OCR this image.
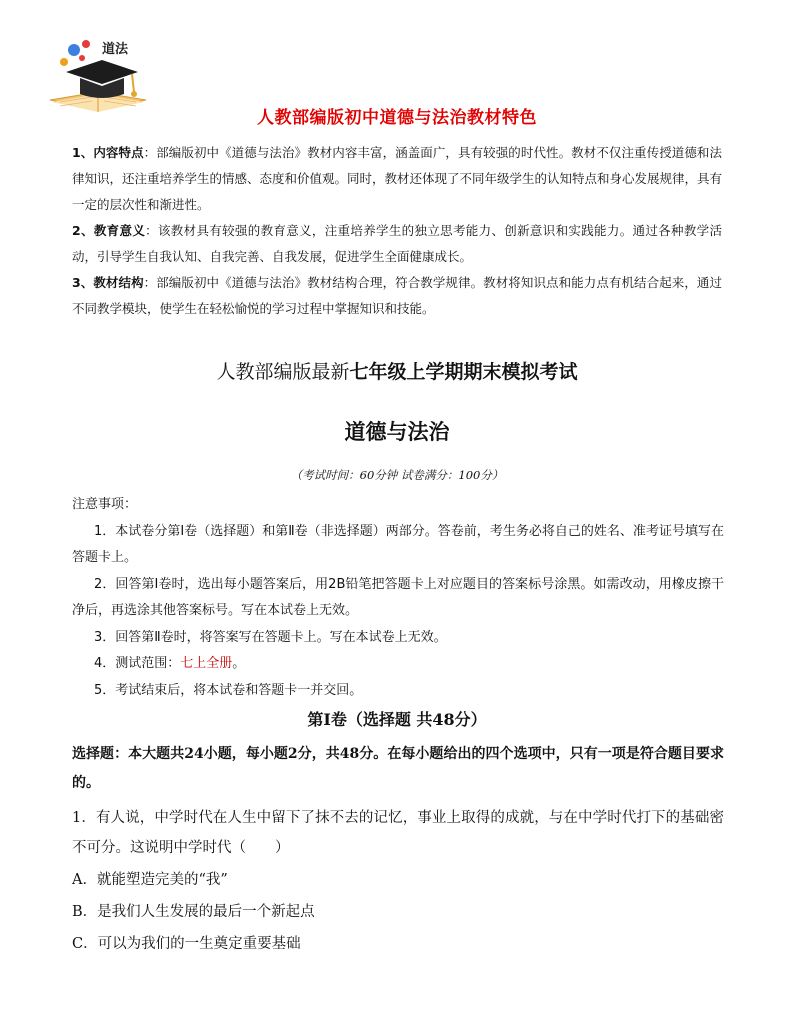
道法
人教部编版初中道德与法治教材特色

1、内容特点：部编版初中《道德与法治》教材内容丰富，涵盖面广，具有较强的时代性。教材不仅注重传授道德和法律知识，还注重培养学生的情感、态度和价值观。同时，教材还体现了不同年级学生的认知特点和身心发展规律，具有一定的层次性和渐进性。

2、教育意义：该教材具有较强的教育意义，注重培养学生的独立思考能力、创新意识和实践能力。通过各种教学活动，引导学生自我认知、自我完善、自我发展，促进学生全面健康成长。

3、教材结构：部编版初中《道德与法治》教材结构合理，符合教学规律。教材将知识点和能力点有机结合起来，通过不同教学模块，使学生在轻松愉悦的学习过程中掌握知识和技能。

人教部编版最新七年级上学期期末模拟考试
道德与法治
（考试时间：60分钟 试卷满分：100分）

注意事项：

1．本试卷分第Ⅰ卷（选择题）和第Ⅱ卷（非选择题）两部分。答卷前，考生务必将自己的姓名、准考证号填写在答题卡上。

2．回答第Ⅰ卷时，选出每小题答案后，用2B铅笔把答题卡上对应题目的答案标号涂黑。如需改动，用橡皮擦干净后，再选涂其他答案标号。写在本试卷上无效。

3．回答第Ⅱ卷时，将答案写在答题卡上。写在本试卷上无效。

4．测试范围：七上全册。

5．考试结束后，将本试卷和答题卡一并交回。

第Ⅰ卷（选择题 共48分）

选择题：本大题共24小题，每小题2分，共48分。在每小题给出的四个选项中，只有一项是符合题目要求的。

1．有人说，中学时代在人生中留下了抹不去的记忆，事业上取得的成就，与在中学时代打下的基础密不可分。这说明中学时代（　　）

A．就能塑造完美的“我”

B．是我们人生发展的最后一个新起点

C．可以为我们的一生奠定重要基础
